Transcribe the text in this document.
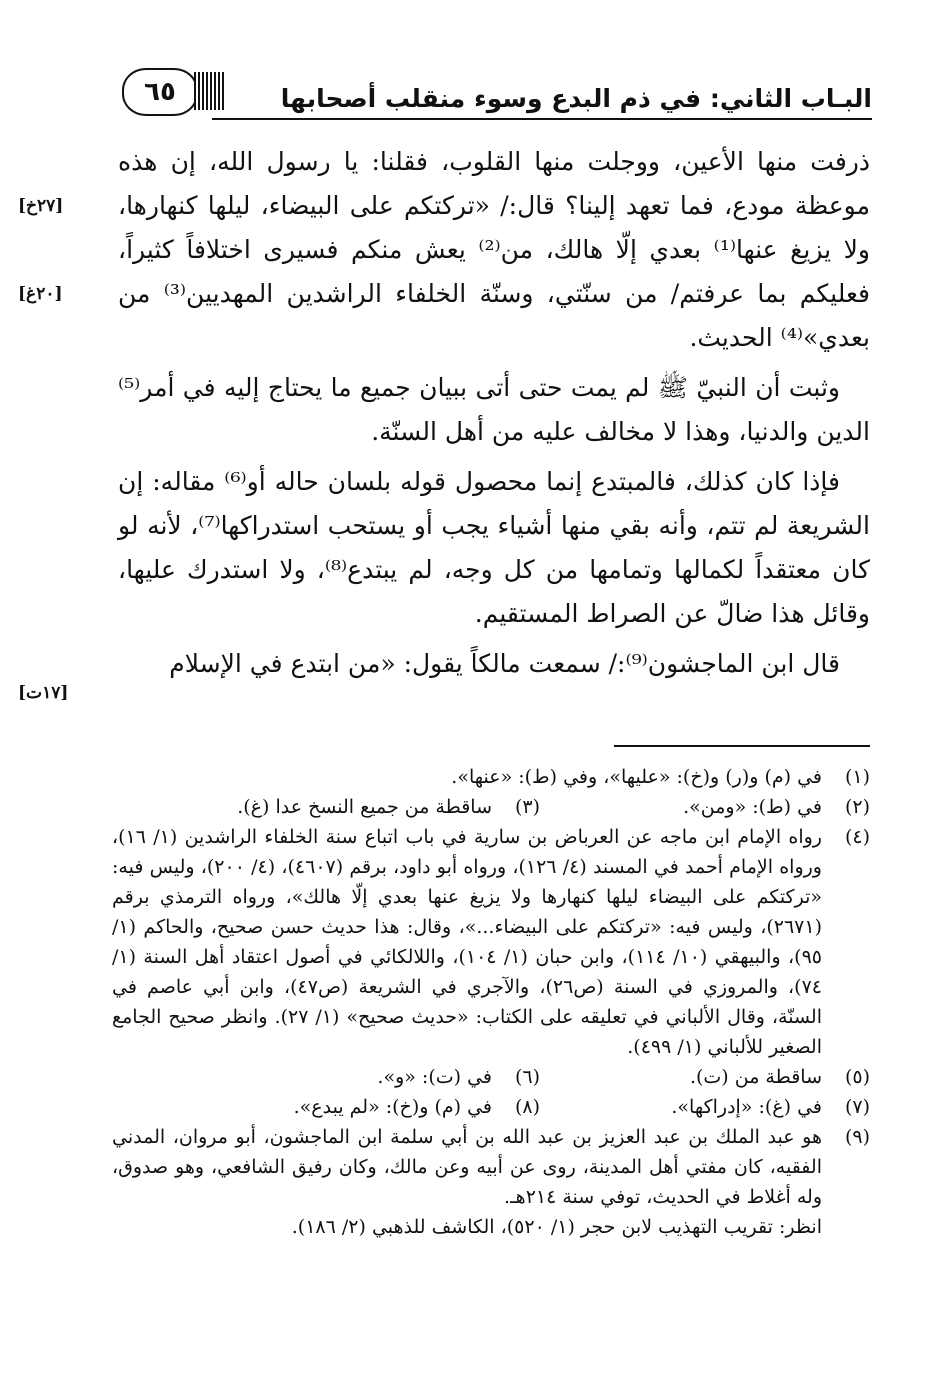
٦٥	البـاب الثاني: في ذم البدع وسوء منقلب أصحابها
[٢٧خ]
[٢٠غ]
[١٧ت]
ذرفت منها الأعين، ووجلت منها القلوب، فقلنا: يا رسول الله، إن هذه موعظة مودع، فما تعهد إلينا؟ قال:/ «تركتكم على البيضاء، ليلها كنهارها، ولا يزيغ عنها⁽¹⁾ بعدي إلّا هالك، من⁽²⁾ يعش منكم فسيرى اختلافاً كثيراً، فعليكم بما عرفتم/ من سنّتي، وسنّة الخلفاء الراشدين المهديين⁽³⁾ من بعدي»⁽⁴⁾ الحديث.
وثبت أن النبيّ ﷺ لم يمت حتى أتى ببيان جميع ما يحتاج إليه في أمر⁽⁵⁾ الدين والدنيا، وهذا لا مخالف عليه من أهل السنّة.
فإذا كان كذلك، فالمبتدع إنما محصول قوله بلسان حاله أو⁽⁶⁾ مقاله: إن الشريعة لم تتم، وأنه بقي منها أشياء يجب أو يستحب استدراكها⁽⁷⁾، لأنه لو كان معتقداً لكمالها وتمامها من كل وجه، لم يبتدع⁽⁸⁾، ولا استدرك عليها، وقائل هذا ضالّ عن الصراط المستقيم.
قال ابن الماجشون⁽⁹⁾:/ سمعت مالكاً يقول: «من ابتدع في الإسلام
(١)
في (م) و(ر) و(خ): «عليها»، وفي (ط): «عنها».
(٢)
في (ط): «ومن».
(٣)
ساقطة من جميع النسخ عدا (غ).
(٤)
رواه الإمام ابن ماجه عن العرباض بن سارية في باب اتباع سنة الخلفاء الراشدين (١/ ١٦)، ورواه الإمام أحمد في المسند (٤/ ١٢٦)، ورواه أبو داود، برقم (٤٦٠٧)، (٤/ ٢٠٠)، وليس فيه: «تركتكم على البيضاء ليلها كنهارها ولا يزيغ عنها بعدي إلّا هالك»، ورواه الترمذي برقم (٢٦٧١)، وليس فيه: «تركتكم على البيضاء...»، وقال: هذا حديث حسن صحيح، والحاكم (١/ ٩٥)، والبيهقي (١٠/ ١١٤)، وابن حبان (١/ ١٠٤)، واللالكائي في أصول اعتقاد أهل السنة (١/ ٧٤)، والمروزي في السنة (ص٢٦)، والآجري في الشريعة (ص٤٧)، وابن أبي عاصم في السنّة، وقال الألباني في تعليقه على الكتاب: «حديث صحيح» (١/ ٢٧). وانظر صحيح الجامع الصغير للألباني (١/ ٤٩٩).
(٥)
ساقطة من (ت).
(٦)
في (ت): «و».
(٧)
في (غ): «إدراكها».
(٨)
في (م) و(خ): «لم يبدع».
(٩)
هو عبد الملك بن عبد العزيز بن عبد الله بن أبي سلمة ابن الماجشون، أبو مروان، المدني الفقيه، كان مفتي أهل المدينة، روى عن أبيه وعن مالك، وكان رفيق الشافعي، وهو صدوق، وله أغلاط في الحديث، توفي سنة ٢١٤هـ.
انظر: تقريب التهذيب لابن حجر (١/ ٥٢٠)، الكاشف للذهبي (٢/ ١٨٦).
